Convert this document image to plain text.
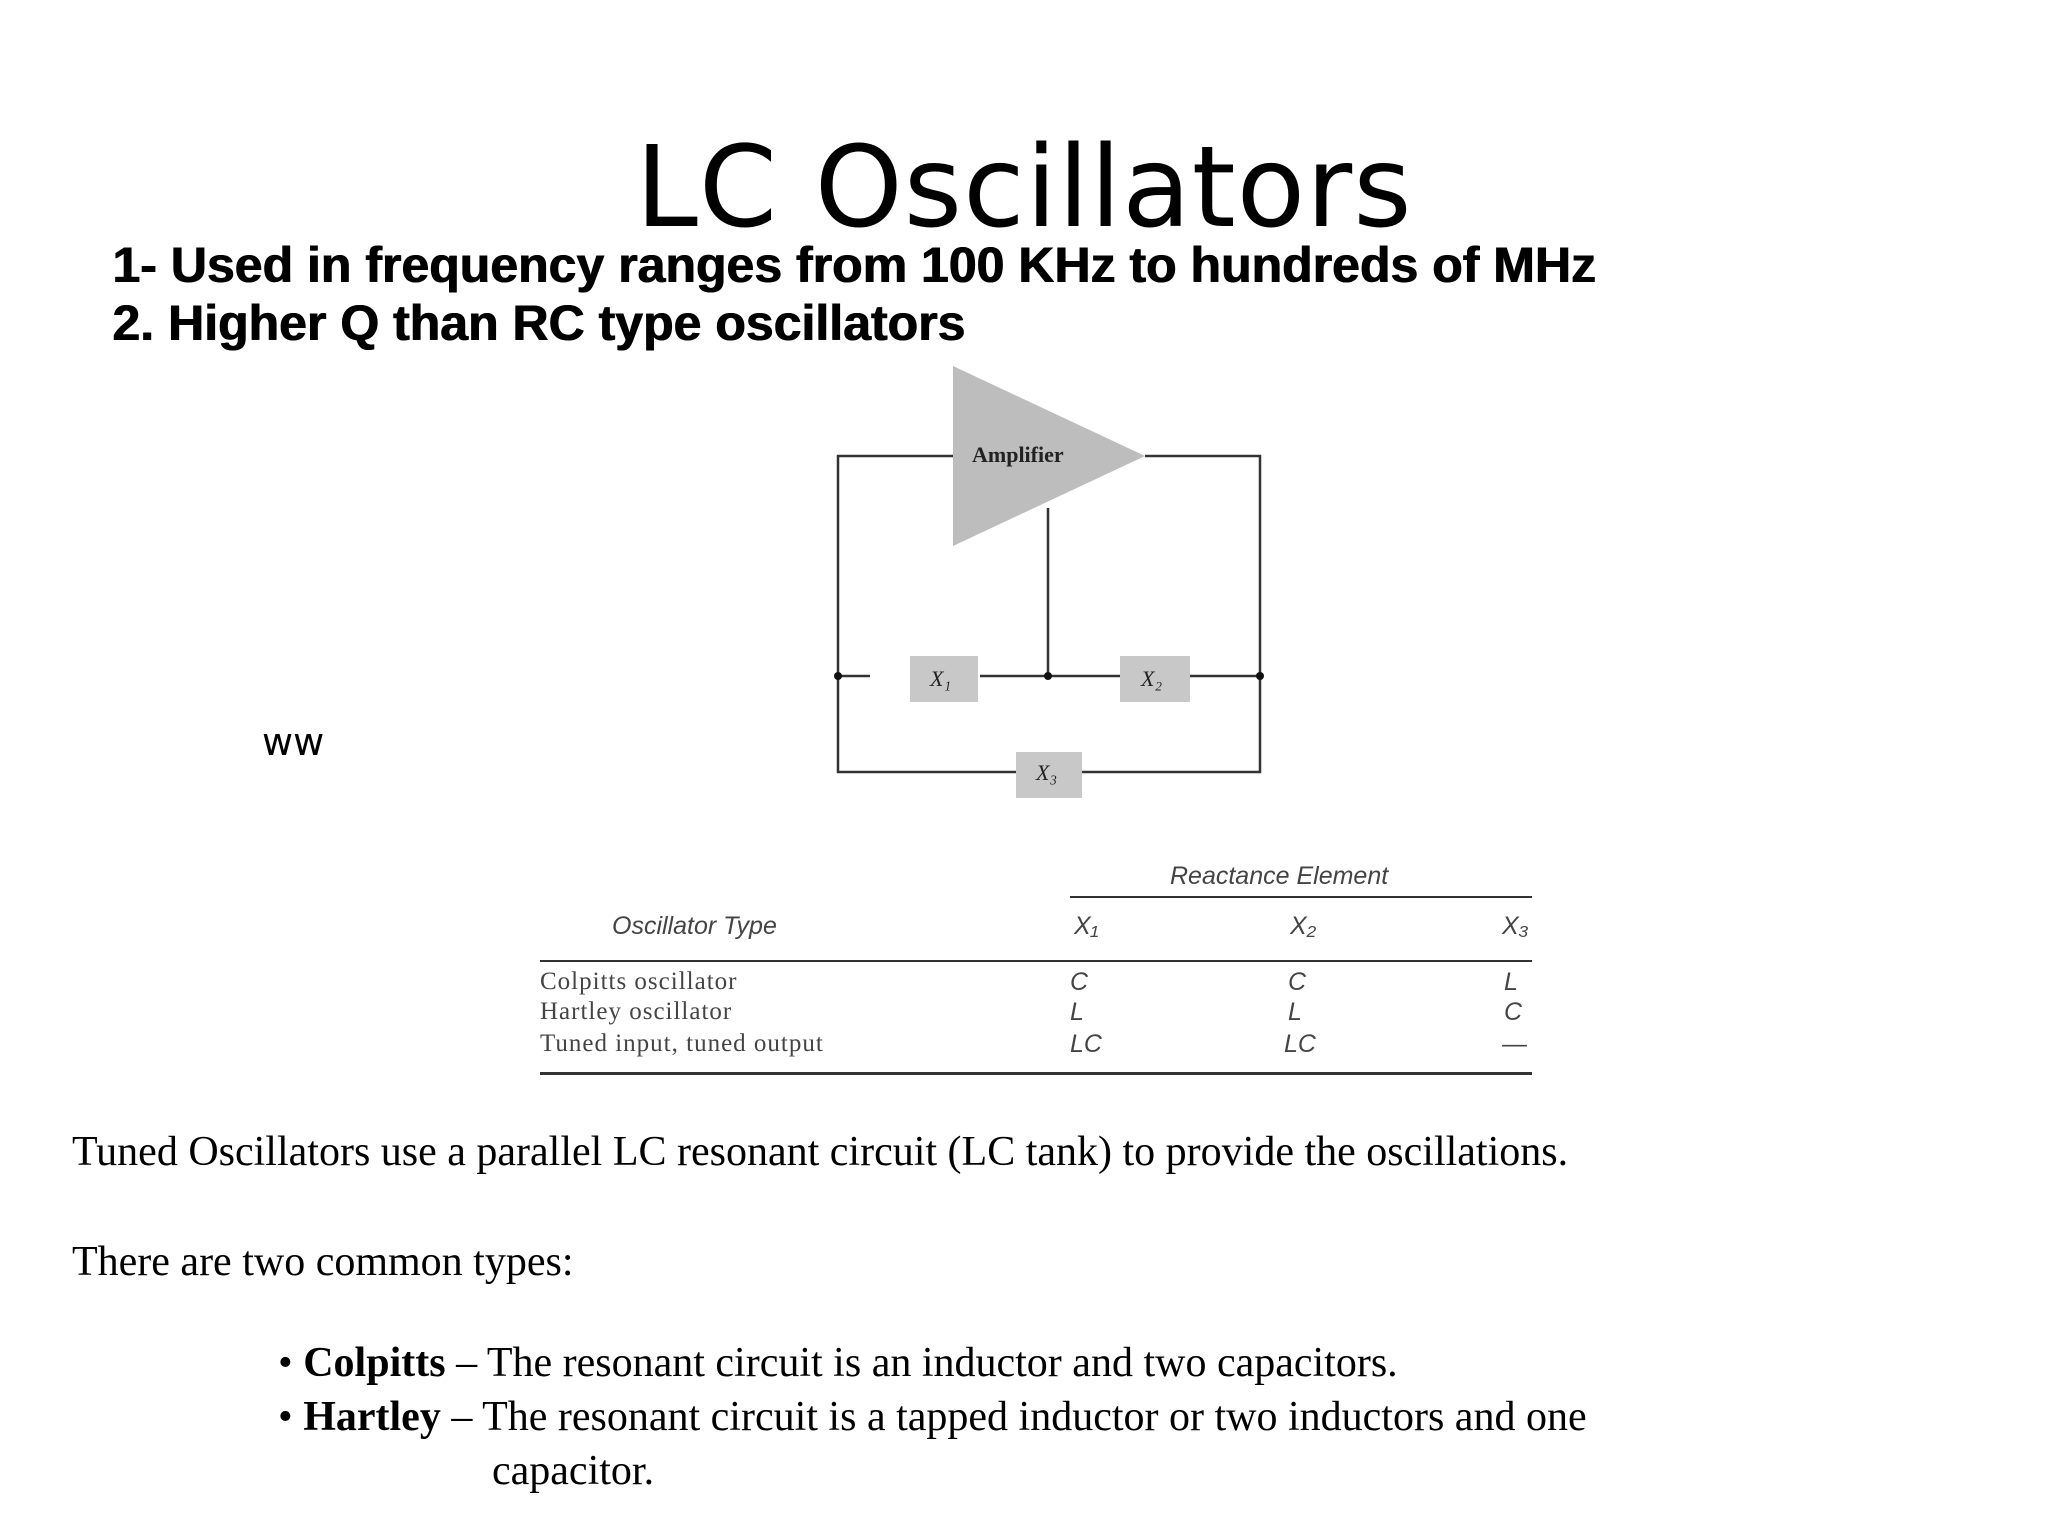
LC Oscillators
1- Used in frequency ranges from 100 KHz to hundreds of MHz
2. Higher Q than RC type oscillators
ww
Amplifier
X₁	X₂
X₃
Reactance Element
Oscillator Type	X₁	X₂	X₃
Colpitts oscillator	C	C	L
Hartley oscillator	L	L	C
Tuned input, tuned output	LC	LC	—
Tuned Oscillators use a parallel LC resonant circuit (LC tank) to provide the oscillations.
There are two common types:
• Colpitts – The resonant circuit is an inductor and two capacitors.
• Hartley – The resonant circuit is a tapped inductor or two inductors and one
capacitor.
